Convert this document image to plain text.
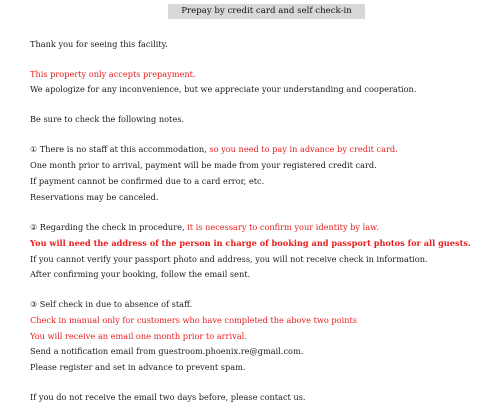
Prepay by credit card and self check-in
Thank you for seeing this facility.
This property only accepts prepayment.
We apologize for any inconvenience, but we appreciate your understanding and cooperation.
Be sure to check the following notes.
① There is no staff at this accommodation, so you need to pay in advance by credit card.
One month prior to arrival, payment will be made from your registered credit card.
If payment cannot be confirmed due to a card error, etc.
Reservations may be canceled.
② Regarding the check in procedure, it is necessary to confirm your identity by law.
You will need the address of the person in charge of booking and passport photos for all guests.
If you cannot verify your passport photo and address, you will not receive check in information.
After confirming your booking, follow the email sent.
③ Self check in due to absence of staff.
Check in manual only for customers who have completed the above two points
You will receive an email one month prior to arrival.
Send a notification email from guestroom.phoenix.re@gmail.com.
Please register and set in advance to prevent spam.
If you do not receive the email two days before, please contact us.
